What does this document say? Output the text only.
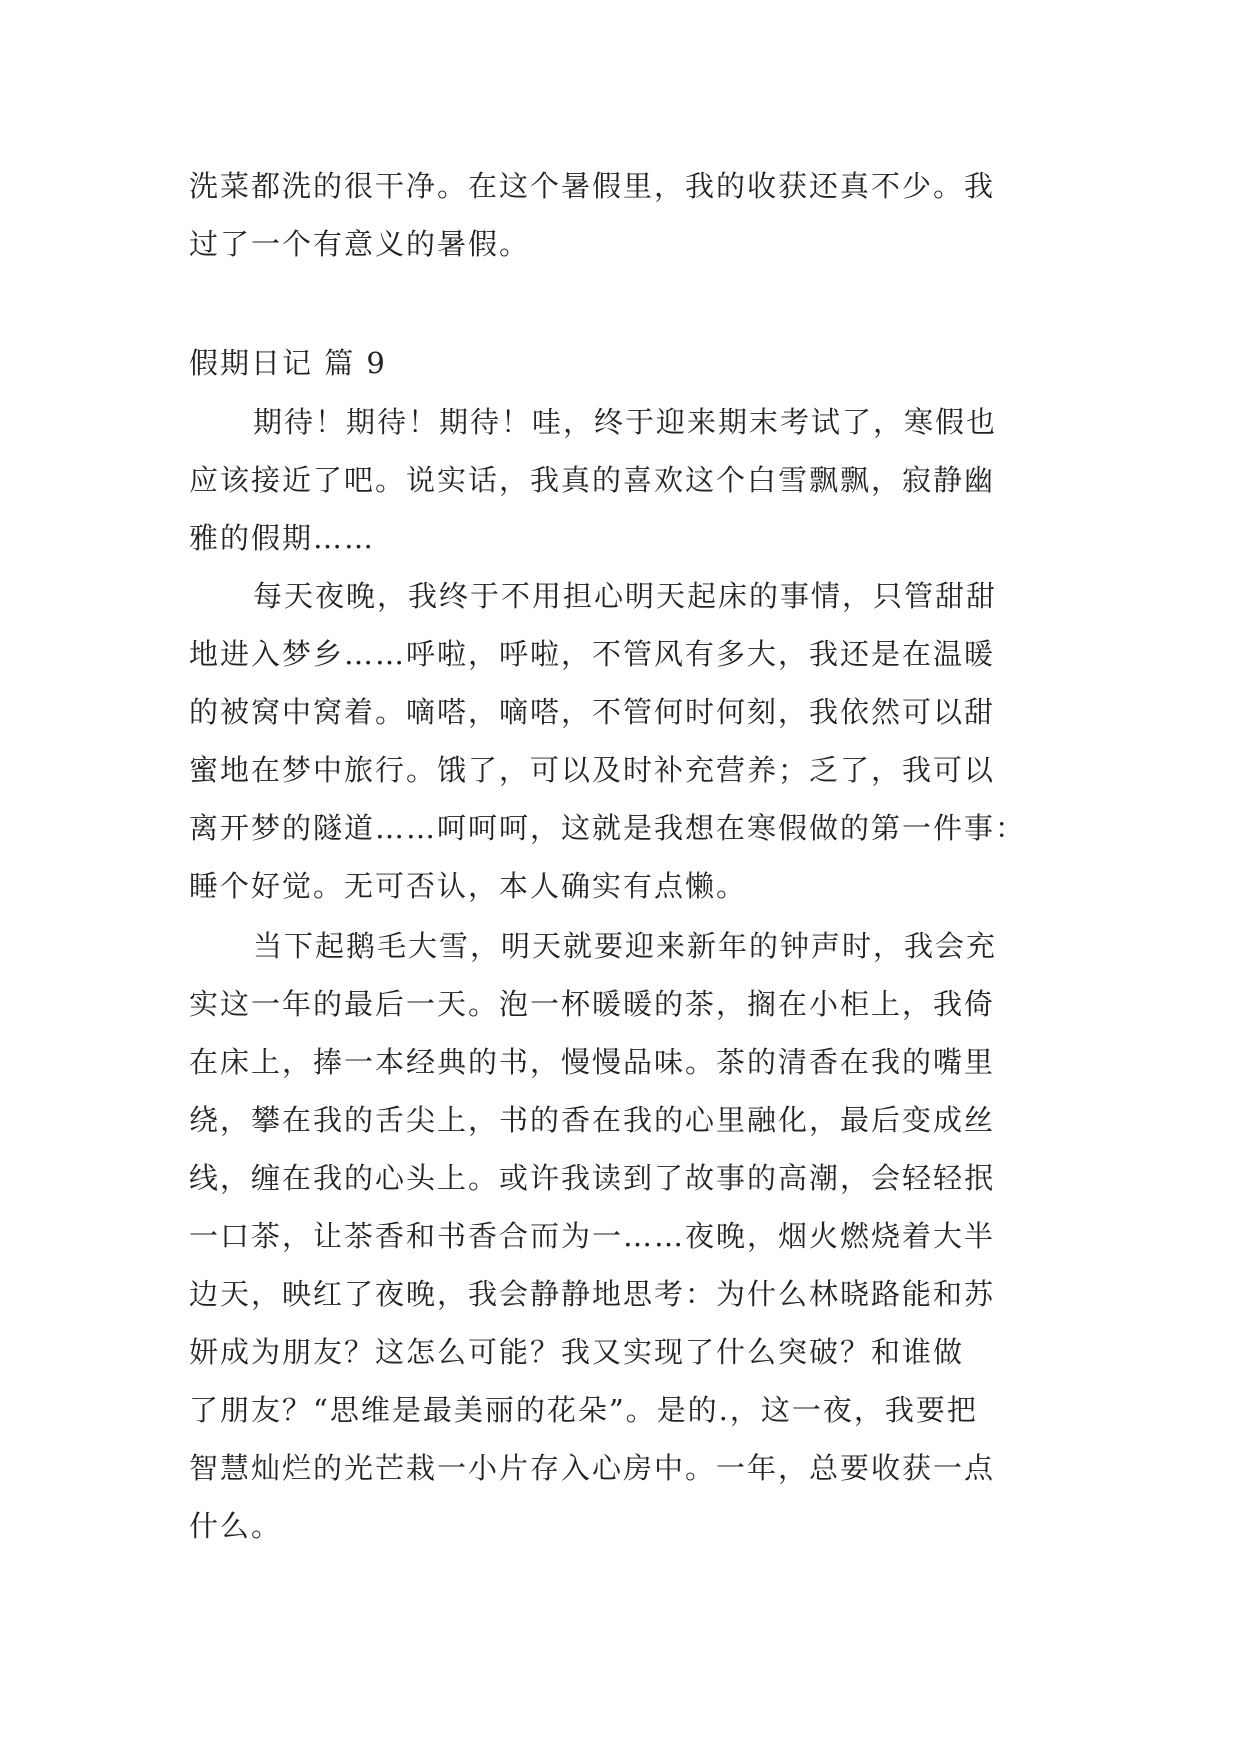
洗菜都洗的很干净。在这个暑假里，我的收获还真不少。我
过了一个有意义的暑假。
假期日记 篇 9
期待！期待！期待！哇，终于迎来期末考试了，寒假也
应该接近了吧。说实话，我真的喜欢这个白雪飘飘，寂静幽
雅的假期……
每天夜晚，我终于不用担心明天起床的事情，只管甜甜
地进入梦乡……呼啦，呼啦，不管风有多大，我还是在温暖
的被窝中窝着。嘀嗒，嘀嗒，不管何时何刻，我依然可以甜
蜜地在梦中旅行。饿了，可以及时补充营养；乏了，我可以
离开梦的隧道……呵呵呵，这就是我想在寒假做的第一件事：
睡个好觉。无可否认，本人确实有点懒。
当下起鹅毛大雪，明天就要迎来新年的钟声时，我会充
实这一年的最后一天。泡一杯暖暖的茶，搁在小柜上，我倚
在床上，捧一本经典的书，慢慢品味。茶的清香在我的嘴里
绕，攀在我的舌尖上，书的香在我的心里融化，最后变成丝
线，缠在我的心头上。或许我读到了故事的高潮，会轻轻抿
一口茶，让茶香和书香合而为一……夜晚，烟火燃烧着大半
边天，映红了夜晚，我会静静地思考：为什么林晓路能和苏
妍成为朋友？这怎么可能？我又实现了什么突破？和谁做
了朋友？“思维是最美丽的花朵”。是的.，这一夜，我要把
智慧灿烂的光芒栽一小片存入心房中。一年，总要收获一点
什么。
